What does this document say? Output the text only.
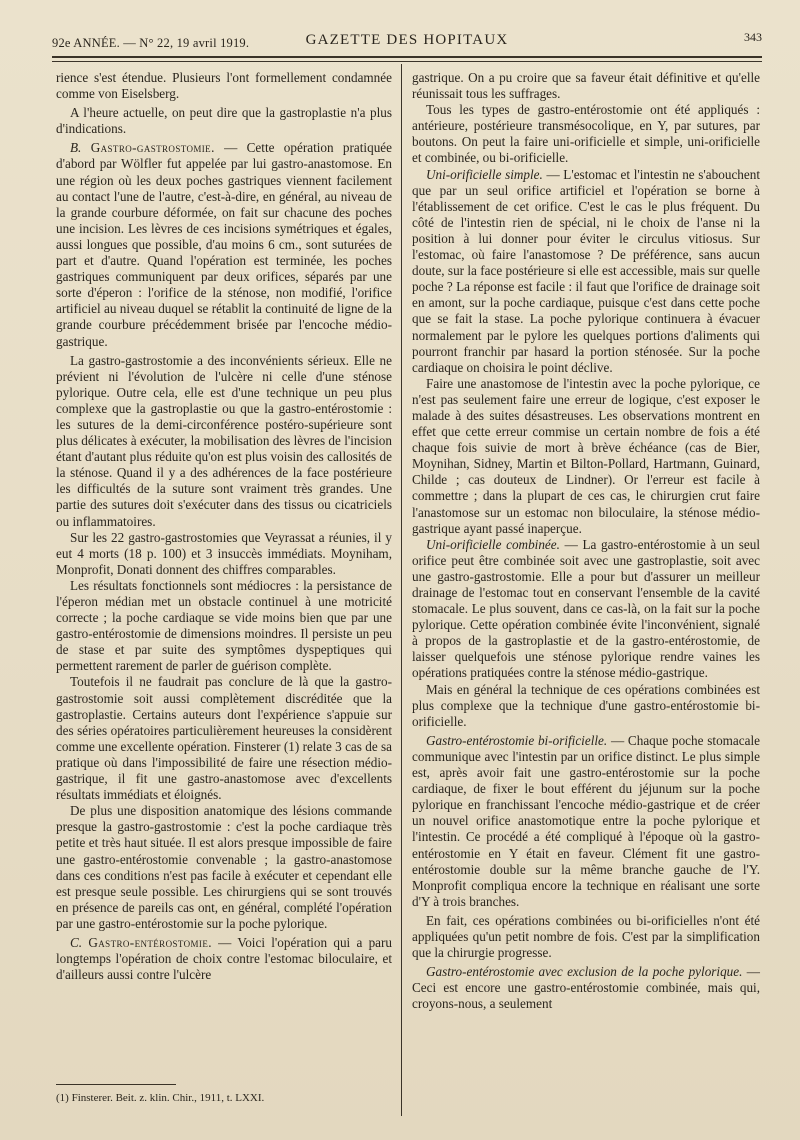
92e ANNÉE. — N° 22, 19 avril 1919.	GAZETTE DES HOPITAUX	343

rience s'est étendue. Plusieurs l'ont formellement condamnée comme von Eiselsberg.

A l'heure actuelle, on peut dire que la gastroplastie n'a plus d'indications.

B. Gastro-gastrostomie. — Cette opération pratiquée d'abord par Wölfler fut appelée par lui gastro-anastomose. En une région où les deux poches gastriques viennent facilement au contact l'une de l'autre, c'est-à-dire, en général, au niveau de la grande courbure déformée, on fait sur chacune des poches une incision. Les lèvres de ces incisions symétriques et égales, aussi longues que possible, d'au moins 6 cm., sont suturées de part et d'autre. Quand l'opération est terminée, les poches gastriques communiquent par deux orifices, séparés par une sorte d'éperon : l'orifice de la sténose, non modifié, l'orifice artificiel au niveau duquel se rétablit la continuité de ligne de la grande courbure précédemment brisée par l'encoche médio-gastrique.

La gastro-gastrostomie a des inconvénients sérieux. Elle ne prévient ni l'évolution de l'ulcère ni celle d'une sténose pylorique. Outre cela, elle est d'une technique un peu plus complexe que la gastroplastie ou que la gastro-entérostomie : les sutures de la demi-circonférence postéro-supérieure sont plus délicates à exécuter, la mobilisation des lèvres de l'incision étant d'autant plus réduite qu'on est plus voisin des callosités de la sténose. Quand il y a des adhérences de la face postérieure les difficultés de la suture sont vraiment très grandes. Une partie des sutures doit s'exécuter dans des tissus ou cicatriciels ou inflammatoires.

Sur les 22 gastro-gastrostomies que Veyrassat a réunies, il y eut 4 morts (18 p. 100) et 3 insuccès immédiats. Moyniham, Monprofit, Donati donnent des chiffres comparables.

Les résultats fonctionnels sont médiocres : la persistance de l'éperon médian met un obstacle continuel à une motricité correcte ; la poche cardiaque se vide moins bien que par une gastro-entérostomie de dimensions moindres. Il persiste un peu de stase et par suite des symptômes dyspeptiques qui permettent rarement de parler de guérison complète.

Toutefois il ne faudrait pas conclure de là que la gastro-gastrostomie soit aussi complètement discréditée que la gastroplastie. Certains auteurs dont l'expérience s'appuie sur des séries opératoires particulièrement heureuses la considèrent comme une excellente opération. Finsterer (1) relate 3 cas de sa pratique où dans l'impossibilité de faire une résection médio-gastrique, il fit une gastro-anastomose avec d'excellents résultats immédiats et éloignés.

De plus une disposition anatomique des lésions commande presque la gastro-gastrostomie : c'est la poche cardiaque très petite et très haut située. Il est alors presque impossible de faire une gastro-entérostomie convenable ; la gastro-anastomose dans ces conditions n'est pas facile à exécuter et cependant elle est presque seule possible. Les chirurgiens qui se sont trouvés en présence de pareils cas ont, en général, complété l'opération par une gastro-entérostomie sur la poche pylorique.

C. Gastro-entérostomie. — Voici l'opération qui a paru longtemps l'opération de choix contre l'estomac biloculaire, et d'ailleurs aussi contre l'ulcère

(1) Finsterer. Beit. z. klin. Chir., 1911, t. LXXI.

gastrique. On a pu croire que sa faveur était définitive et qu'elle réunissait tous les suffrages.

Tous les types de gastro-entérostomie ont été appliqués : antérieure, postérieure transmésocolique, en Y, par sutures, par boutons. On peut la faire uni-orificielle et simple, uni-orificielle et combinée, ou bi-orificielle.

Uni-orificielle simple. — L'estomac et l'intestin ne s'abouchent que par un seul orifice artificiel et l'opération se borne à l'établissement de cet orifice. C'est le cas le plus fréquent. Du côté de l'intestin rien de spécial, ni le choix de l'anse ni la position à lui donner pour éviter le circulus vitiosus. Sur l'estomac, où faire l'anastomose ? De préférence, sans aucun doute, sur la face postérieure si elle est accessible, mais sur quelle poche ? La réponse est facile : il faut que l'orifice de drainage soit en amont, sur la poche cardiaque, puisque c'est dans cette poche que se fait la stase. La poche pylorique continuera à évacuer normalement par le pylore les quelques portions d'aliments qui pourront franchir par hasard la portion sténosée. Sur la poche cardiaque on choisira le point déclive.

Faire une anastomose de l'intestin avec la poche pylorique, ce n'est pas seulement faire une erreur de logique, c'est exposer le malade à des suites désastreuses. Les observations montrent en effet que cette erreur commise un certain nombre de fois a été chaque fois suivie de mort à brève échéance (cas de Bier, Moynihan, Sidney, Martin et Bilton-Pollard, Hartmann, Guinard, Childe ; cas douteux de Lindner). Or l'erreur est facile à commettre ; dans la plupart de ces cas, le chirurgien crut faire l'anastomose sur un estomac non biloculaire, la sténose médio-gastrique ayant passé inaperçue.

Uni-orificielle combinée. — La gastro-entérostomie à un seul orifice peut être combinée soit avec une gastroplastie, soit avec une gastro-gastrostomie. Elle a pour but d'assurer un meilleur drainage de l'estomac tout en conservant l'ensemble de la cavité stomacale. Le plus souvent, dans ce cas-là, on la fait sur la poche pylorique. Cette opération combinée évite l'inconvénient, signalé à propos de la gastroplastie et de la gastro-entérostomie, de laisser quelquefois une sténose pylorique rendre vaines les opérations pratiquées contre la sténose médio-gastrique.

Mais en général la technique de ces opérations combinées est plus complexe que la technique d'une gastro-entérostomie bi-orificielle.

Gastro-entérostomie bi-orificielle. — Chaque poche stomacale communique avec l'intestin par un orifice distinct. Le plus simple est, après avoir fait une gastro-entérostomie sur la poche cardiaque, de fixer le bout efférent du jéjunum sur la poche pylorique en franchissant l'encoche médio-gastrique et de créer un nouvel orifice anastomotique entre la poche pylorique et l'intestin. Ce procédé a été compliqué à l'époque où la gastro-entérostomie en Y était en faveur. Clément fit une gastro-entérostomie double sur la même branche gauche de l'Y. Monprofit compliqua encore la technique en réalisant une sorte d'Y à trois branches.

En fait, ces opérations combinées ou bi-orificielles n'ont été appliquées qu'un petit nombre de fois. C'est par la simplification que la chirurgie progresse.

Gastro-entérostomie avec exclusion de la poche pylorique. — Ceci est encore une gastro-entérostomie combinée, mais qui, croyons-nous, a seulement
